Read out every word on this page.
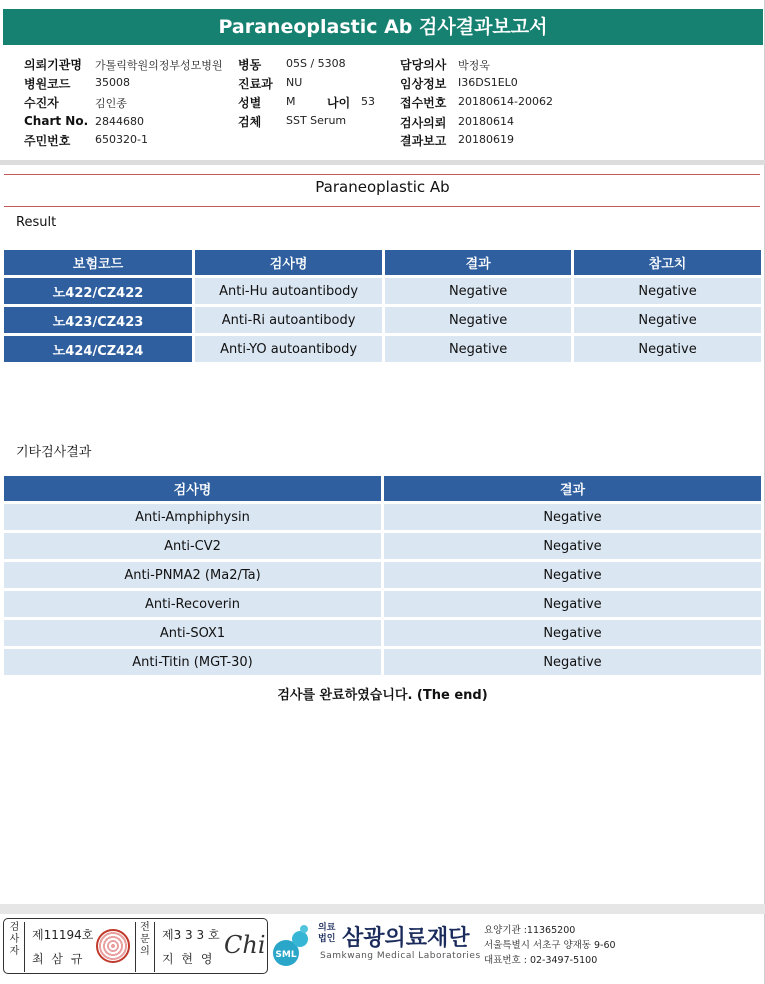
Paraneoplastic Ab 검사결과보고서
의뢰기관명 가톨릭학원의정부성모병원 병동 05S / 5308	담당의사 박정욱
병원코드 35008	진료과 NU	임상정보 I36DS1EL0
수진자	김인종	성별 M	나이 53 접수번호 20180614-20062
Chart No. 2844680	검체 SST Serum	검사의뢰 20180614
주민번호 650320-1	결과보고 20180619
Paraneoplastic Ab
Result
보험코드	검사명	결과	참고치
노422/CZ422	Anti-Hu autoantibody	Negative	Negative
노423/CZ423	Anti-Ri autoantibody	Negative	Negative
노424/CZ424	Anti-YO autoantibody	Negative	Negative
기타검사결과
검사명	결과
Anti-Amphiphysin	Negative
Anti-CV2	Negative
Anti-PNMA2 (Ma2/Ta)	Negative
Anti-Recoverin	Negative
Anti-SOX1	Negative
Anti-Titin (MGT-30)	Negative
검사를 완료하였습니다. (The end)
검사자
제11194호
최 삼 규
전문의
제3 3 3 호
지 현 영 Chi SML
의료법인 삼광의료재단
Samkwang Medical Laboratories
요양기관 :11365200
서울특별시 서초구 양재동 9-60
대표번호 : 02-3497-5100
